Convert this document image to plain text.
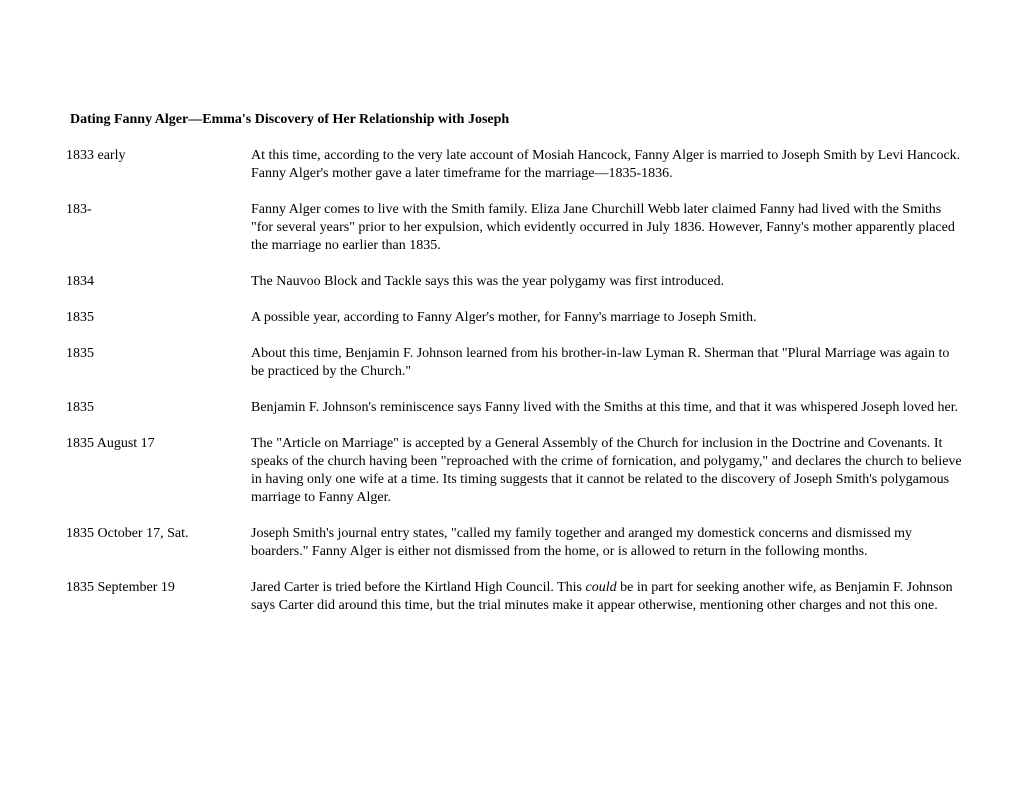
Dating Fanny Alger—Emma's Discovery of Her Relationship with Joseph
1833 early	At this time, according to the very late account of Mosiah Hancock, Fanny Alger is married to Joseph Smith by Levi Hancock. Fanny Alger's mother gave a later timeframe for the marriage—1835-1836.
183-	Fanny Alger comes to live with the Smith family. Eliza Jane Churchill Webb later claimed Fanny had lived with the Smiths "for several years" prior to her expulsion, which evidently occurred in July 1836. However, Fanny's mother apparently placed the marriage no earlier than 1835.
1834	The Nauvoo Block and Tackle says this was the year polygamy was first introduced.
1835	A possible year, according to Fanny Alger's mother, for Fanny's marriage to Joseph Smith.
1835	About this time, Benjamin F. Johnson learned from his brother-in-law Lyman R. Sherman that "Plural Marriage was again to be practiced by the Church."
1835	Benjamin F. Johnson's reminiscence says Fanny lived with the Smiths at this time, and that it was whispered Joseph loved her.
1835 August 17	The "Article on Marriage" is accepted by a General Assembly of the Church for inclusion in the Doctrine and Covenants. It speaks of the church having been "reproached with the crime of fornication, and polygamy," and declares the church to believe in having only one wife at a time. Its timing suggests that it cannot be related to the discovery of Joseph Smith's polygamous marriage to Fanny Alger.
1835 October 17, Sat.	Joseph Smith's journal entry states, "called my family together and aranged my domestick concerns and dismissed my boarders." Fanny Alger is either not dismissed from the home, or is allowed to return in the following months.
1835 September 19	Jared Carter is tried before the Kirtland High Council. This could be in part for seeking another wife, as Benjamin F. Johnson says Carter did around this time, but the trial minutes make it appear otherwise, mentioning other charges and not this one.
